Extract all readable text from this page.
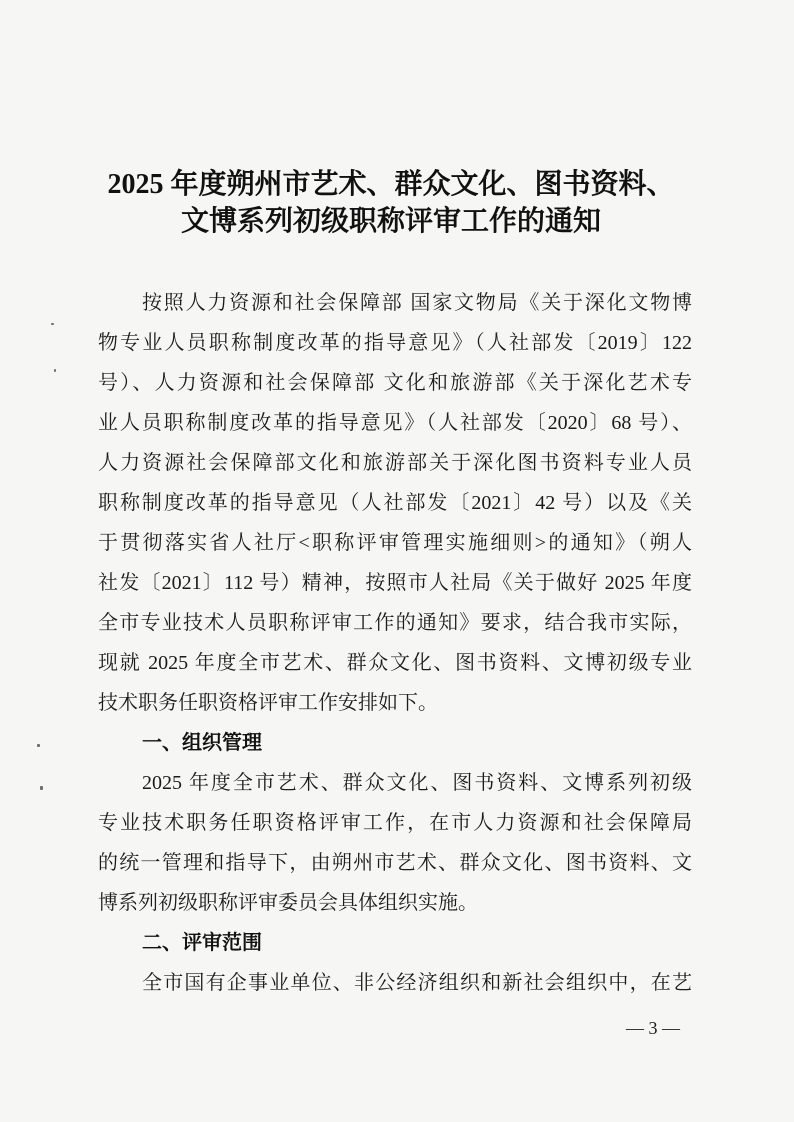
2025 年度朔州市艺术、群众文化、图书资料、
文博系列初级职称评审工作的通知
按照人力资源和社会保障部 国家文物局《关于深化文物博
物专业人员职称制度改革的指导意见》（人社部发〔2019〕122
号）、人力资源和社会保障部 文化和旅游部《关于深化艺术专
业人员职称制度改革的指导意见》（人社部发〔2020〕68 号）、
人力资源社会保障部文化和旅游部关于深化图书资料专业人员
职称制度改革的指导意见（人社部发〔2021〕42 号）以及《关
于贯彻落实省人社厅<职称评审管理实施细则>的通知》（朔人
社发〔2021〕112 号）精神，按照市人社局《关于做好 2025 年度
全市专业技术人员职称评审工作的通知》要求，结合我市实际，
现就 2025 年度全市艺术、群众文化、图书资料、文博初级专业
技术职务任职资格评审工作安排如下。
一、组织管理
2025 年度全市艺术、群众文化、图书资料、文博系列初级
专业技术职务任职资格评审工作，在市人力资源和社会保障局
的统一管理和指导下，由朔州市艺术、群众文化、图书资料、文
博系列初级职称评审委员会具体组织实施。
二、评审范围
全市国有企事业单位、非公经济组织和新社会组织中，在艺
— 3 —
